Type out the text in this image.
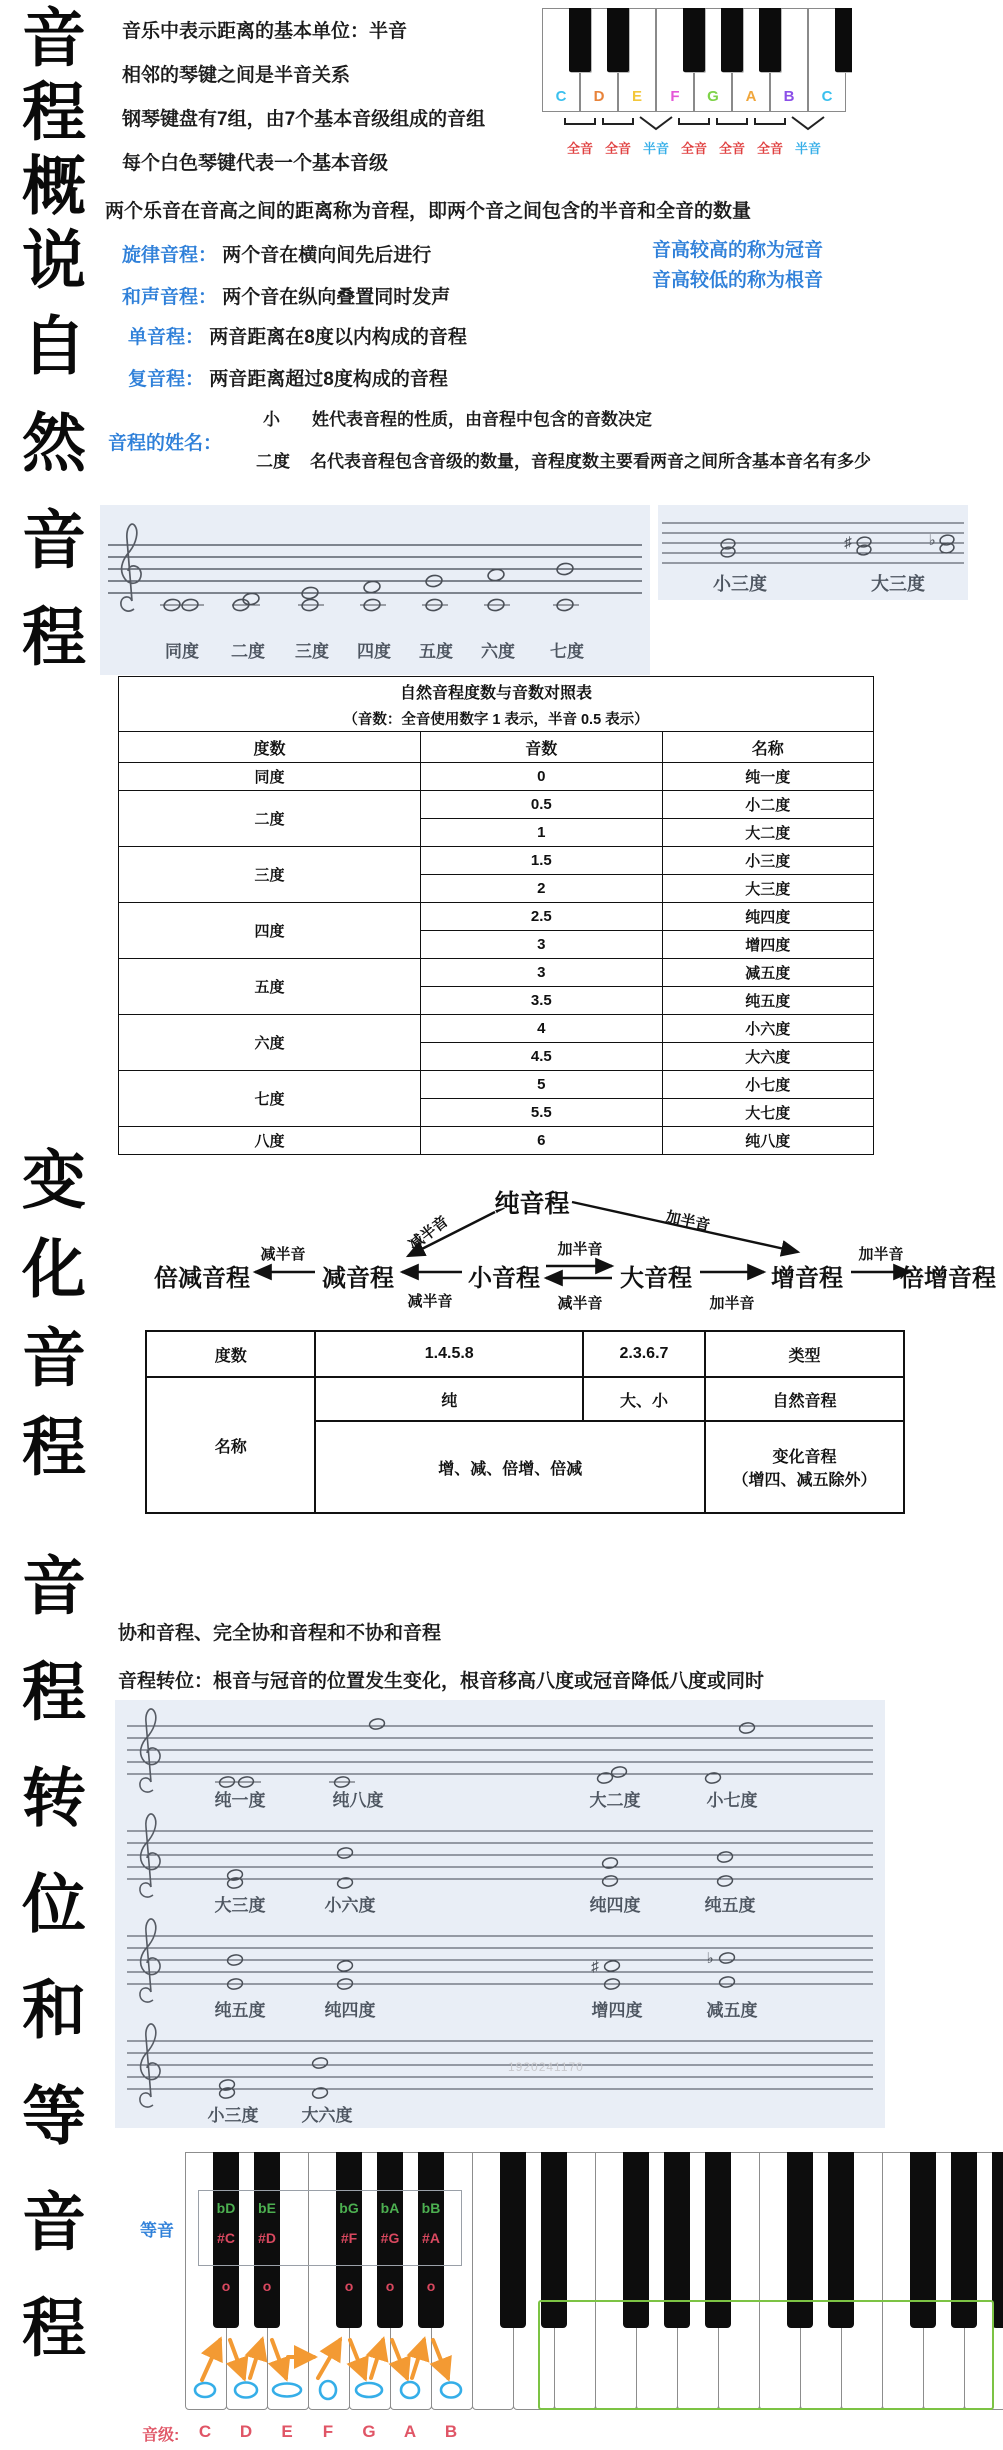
音程概说
自然音程
变化音程
音程转位和等音程
音乐中表示距离的基本单位：半音
相邻的琴键之间是半音关系
钢琴键盘有7组，由7个基本音级组成的音组
每个白色琴键代表一个基本音级
两个乐音在音高之间的距离称为音程，即两个音之间包含的半音和全音的数量
旋律音程： 两个音在横向间先后进行
和声音程： 两个音在纵向叠置同时发声
音高较高的称为冠音
音高较低的称为根音
单音程： 两音距离在8度以内构成的音程
复音程： 两音距离超过8度构成的音程
音程的姓名：
小 姓代表音程的性质，由音程中包含的音数决定
二度 名代表音程包含音级的数量，音程度数主要看两音之间所含基本音名有多少
C	D	E	F	G	A	B	C
全音 全音 半音 全音 全音 全音 半音
同度 二度 三度 四度 五度 六度 七度
♯	♭
小三度	大三度
自然音程度数与音数对照表		
（音数：全音使用数字 1 表示，半音 0.5 表示）		
度数	音数	名称
同度	0	纯一度
二度	0.5	小二度
	1	大二度
三度	1.5	小三度
	2	大三度
四度	2.5	纯四度
	3	增四度
五度	3	减五度
	3.5	纯五度
六度	4	小六度
	4.5	大六度
七度	5	小七度
	5.5	大七度
八度	6	纯八度
纯音程
倍减音程	减音程	小音程	大音程	增音程 倍增音程
减半音
减半音
加半音
减半音	加半音
加半音
减半音	加半音
度数	1.4.5.8	2.3.6.7	类型
名称	纯	大、小	自然音程
	增、减、倍增、倍减		变化音程
（增四、减五除外）
协和音程、完全协和音程和不协和音程
音程转位：根音与冠音的位置发生变化，根音移高八度或冠音降低八度或同时
纯一度	纯八度	大二度	小七度
大三度	小六度	纯四度	纯五度
♯	♭
纯五度	纯四度	增四度	减五度
小三度	大六度
1920241170
bD
#C
o
bE
#D
o
bG
#F
o
bA
#G
o
bB
#A
o
等音
音级:	C	D	E	F	G	A	B
